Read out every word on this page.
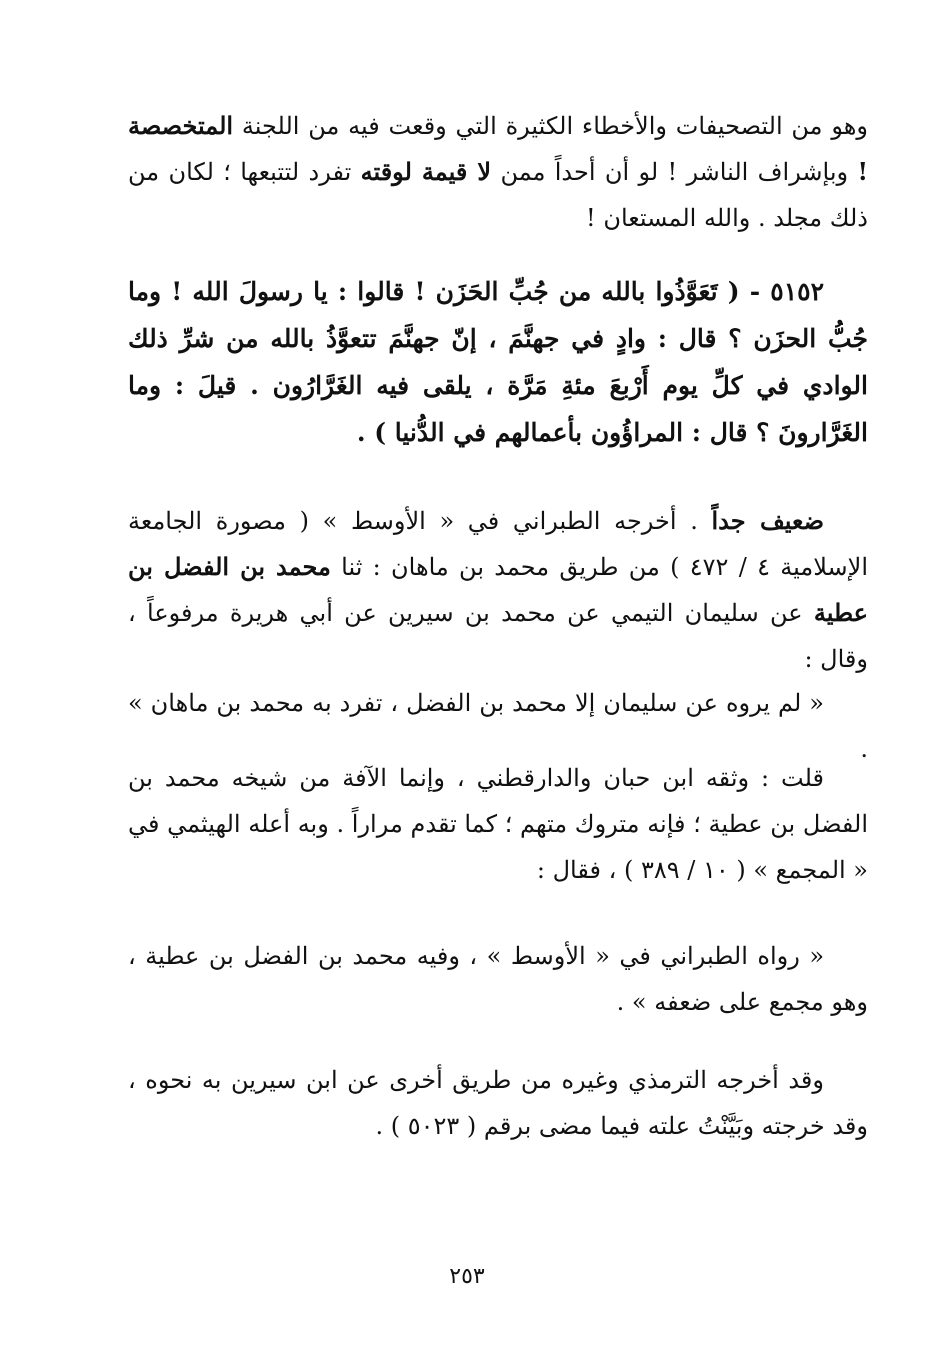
وهو من التصحيفات والأخطاء الكثيرة التي وقعت فيه من اللجنة المتخصصة ! وبإشراف الناشر ! لو أن أحداً ممن لا قيمة لوقته تفرد لتتبعها ؛ لكان من ذلك مجلد . والله المستعان !

٥١٥٢ - ( تَعَوَّذُوا بالله من جُبِّ الحَزَن ! قالوا : يا رسولَ الله ! وما جُبُّ الحزَن ؟ قال : وادٍ في جهنَّمَ ، إنّ جهنَّمَ تتعوَّذُ بالله من شرِّ ذلك الوادي في كلِّ يوم أَرْبعَ مئةِ مَرَّة ، يلقى فيه الغَرَّارُون . قيلَ : وما الغَرَّارونَ ؟ قال : المراؤُون بأعمالهم في الدُّنيا ) .

ضعيف جداً . أخرجه الطبراني في « الأوسط » ( مصورة الجامعة الإسلامية ٤ / ٤٧٢ ) من طريق محمد بن ماهان : ثنا محمد بن الفضل بن عطية عن سليمان التيمي عن محمد بن سيرين عن أبي هريرة مرفوعاً ، وقال :

« لم يروه عن سليمان إلا محمد بن الفضل ، تفرد به محمد بن ماهان » .

قلت : وثقه ابن حبان والدارقطني ، وإنما الآفة من شيخه محمد بن الفضل بن عطية ؛ فإنه متروك متهم ؛ كما تقدم مراراً . وبه أعله الهيثمي في « المجمع » ( ١٠ / ٣٨٩ ) ، فقال :

« رواه الطبراني في « الأوسط » ، وفيه محمد بن الفضل بن عطية ، وهو مجمع على ضعفه » .

وقد أخرجه الترمذي وغيره من طريق أخرى عن ابن سيرين به نحوه ، وقد خرجته وبَيَّنْتُ علته فيما مضى برقم ( ٥٠٢٣ ) .

٢٥٣
